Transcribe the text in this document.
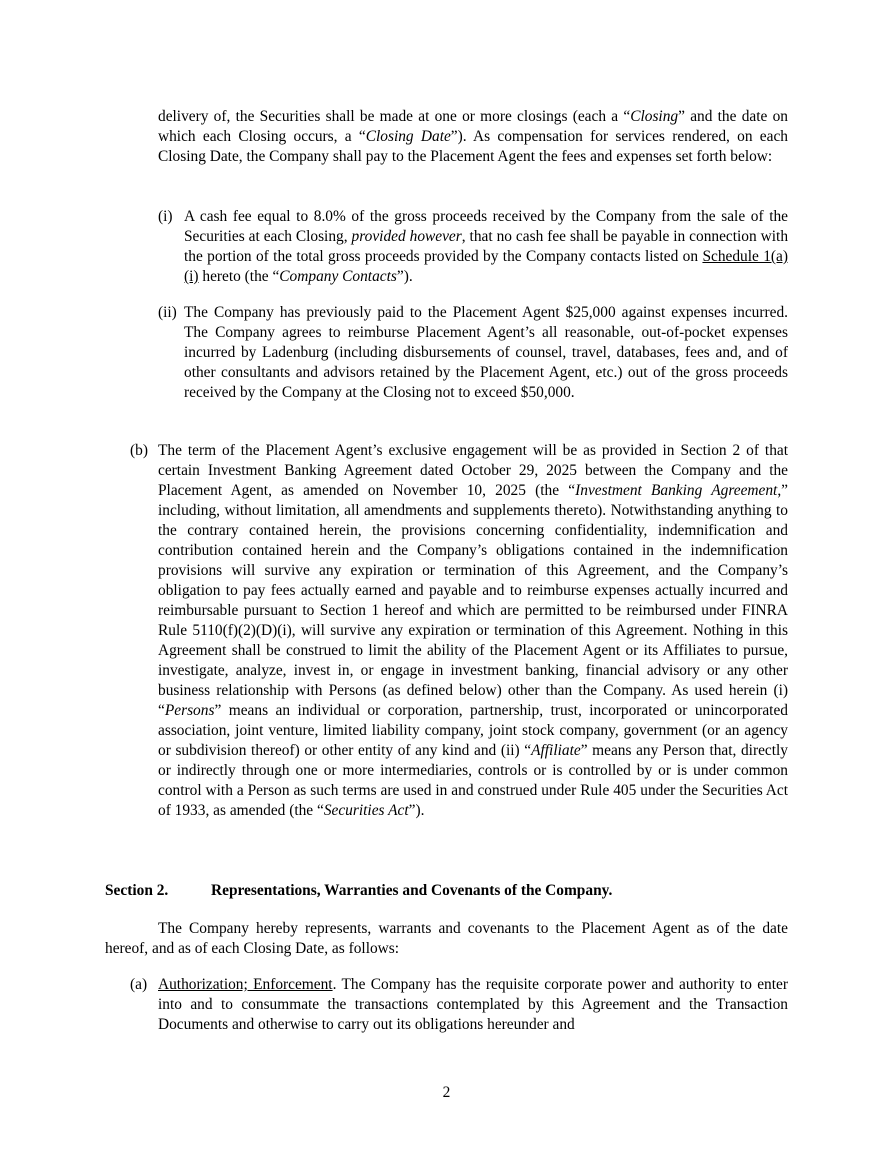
delivery of, the Securities shall be made at one or more closings (each a “Closing” and the date on which each Closing occurs, a “Closing Date”). As compensation for services rendered, on each Closing Date, the Company shall pay to the Placement Agent the fees and expenses set forth below:

(i) A cash fee equal to 8.0% of the gross proceeds received by the Company from the sale of the Securities at each Closing, provided however, that no cash fee shall be payable in connection with the portion of the total gross proceeds provided by the Company contacts listed on Schedule 1(a)(i) hereto (the “Company Contacts”).

(ii) The Company has previously paid to the Placement Agent $25,000 against expenses incurred. The Company agrees to reimburse Placement Agent’s all reasonable, out-of-pocket expenses incurred by Ladenburg (including disbursements of counsel, travel, databases, fees and, and of other consultants and advisors retained by the Placement Agent, etc.) out of the gross proceeds received by the Company at the Closing not to exceed $50,000.

(b) The term of the Placement Agent’s exclusive engagement will be as provided in Section 2 of that certain Investment Banking Agreement dated October 29, 2025 between the Company and the Placement Agent, as amended on November 10, 2025 (the “Investment Banking Agreement,” including, without limitation, all amendments and supplements thereto). Notwithstanding anything to the contrary contained herein, the provisions concerning confidentiality, indemnification and contribution contained herein and the Company’s obligations contained in the indemnification provisions will survive any expiration or termination of this Agreement, and the Company’s obligation to pay fees actually earned and payable and to reimburse expenses actually incurred and reimbursable pursuant to Section 1 hereof and which are permitted to be reimbursed under FINRA Rule 5110(f)(2)(D)(i), will survive any expiration or termination of this Agreement. Nothing in this Agreement shall be construed to limit the ability of the Placement Agent or its Affiliates to pursue, investigate, analyze, invest in, or engage in investment banking, financial advisory or any other business relationship with Persons (as defined below) other than the Company. As used herein (i) “Persons” means an individual or corporation, partnership, trust, incorporated or unincorporated association, joint venture, limited liability company, joint stock company, government (or an agency or subdivision thereof) or other entity of any kind and (ii) “Affiliate” means any Person that, directly or indirectly through one or more intermediaries, controls or is controlled by or is under common control with a Person as such terms are used in and construed under Rule 405 under the Securities Act of 1933, as amended (the “Securities Act”).

Section 2.	Representations, Warranties and Covenants of the Company.

The Company hereby represents, warrants and covenants to the Placement Agent as of the date hereof, and as of each Closing Date, as follows:

(a) Authorization; Enforcement. The Company has the requisite corporate power and authority to enter into and to consummate the transactions contemplated by this Agreement and the Transaction Documents and otherwise to carry out its obligations hereunder and

2
